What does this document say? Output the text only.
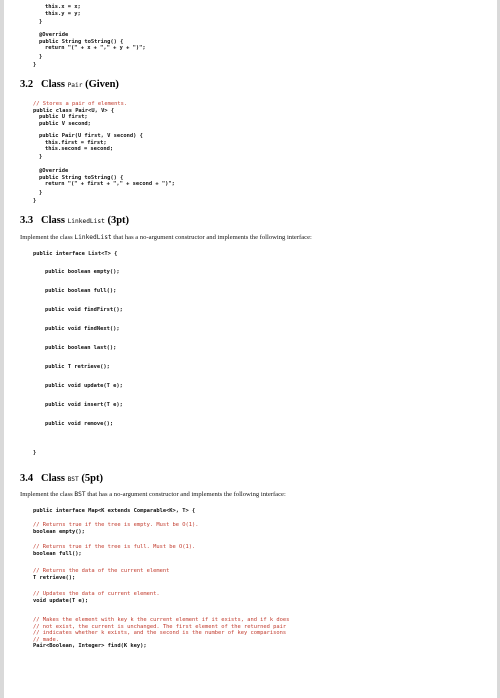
this.x = x;
this.y = y;
}
@Override
public String toString() {
return "(" + x + "," + y + ")";
}
}
3.2 Class Pair (Given)
// Stores a pair of elements.
public class Pair<U, V> {
public U first;
public V second;
public Pair(U first, V second) {
this.first = first;
this.second = second;
}
@Override
public String toString() {
return "(" + first + "," + second + ")";
}
}
3.3 Class LinkedList (3pt)
Implement the class LinkedList that has a no-argument constructor and implements the following interface:
public interface List<T> {
public boolean empty();
public boolean full();
public void findFirst();
public void findNext();
public boolean last();
public T retrieve();
public void update(T e);
public void insert(T e);
public void remove();
}
3.4 Class BST (5pt)
Implement the class BST that has a no-argument constructor and implements the following interface:
public interface Map<K extends Comparable<K>, T> {
// Returns true if the tree is empty. Must be O(1).
boolean empty();
// Returns true if the tree is full. Must be O(1).
boolean full();
// Returns the data of the current element
T retrieve();
// Updates the data of current element.
void update(T e);
// Makes the element with key k the current element if it exists, and if k does
// not exist, the current is unchanged. The first element of the returned pair
// indicates whether k exists, and the second is the number of key comparisons
// made.
Pair<Boolean, Integer> find(K key);
